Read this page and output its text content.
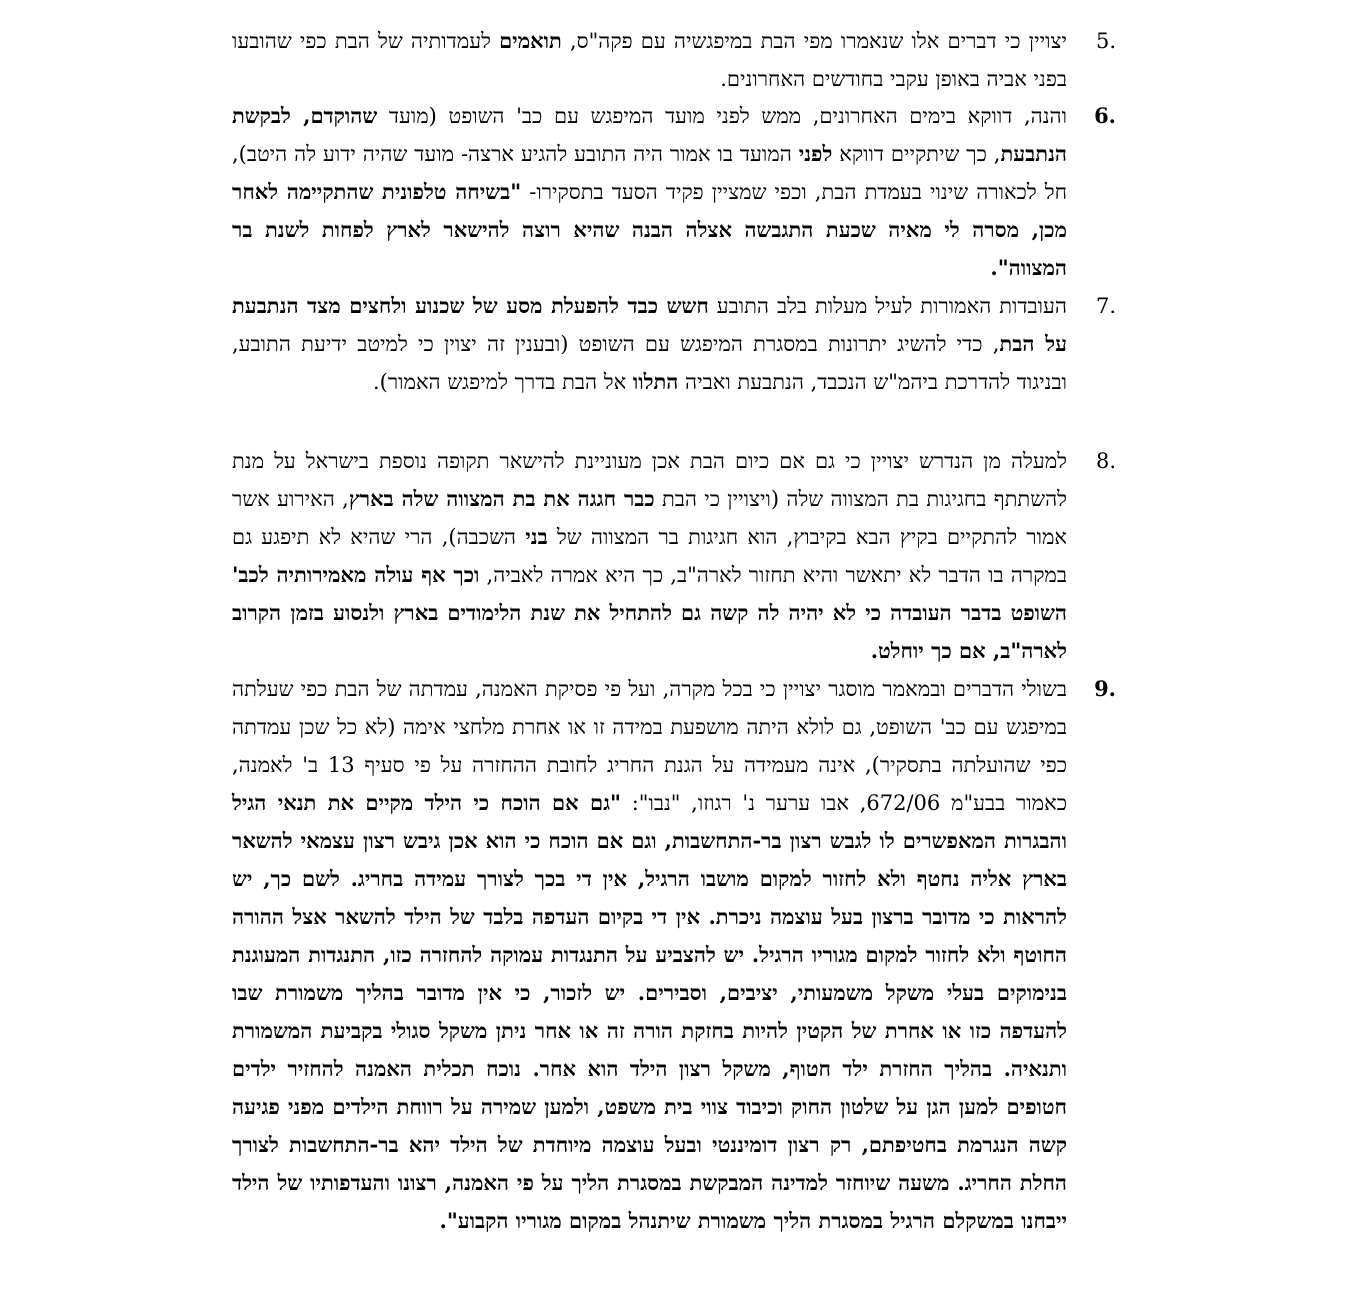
5.
יצויין כי דברים אלו שנאמרו מפי הבת במיפגשיה עם פקה"ס, תואמים לעמדותיה של הבת כפי שהובעו בפני אביה באופן עקבי בחודשים האחרונים.
6.
והנה, דווקא בימים האחרונים, ממש לפני מועד המיפגש עם כב' השופט (מועד שהוקדם, לבקשת הנתבעת, כך שיתקיים דווקא לפני המועד בו אמור היה התובע להגיע ארצה- מועד שהיה ידוע לה היטב), חל לכאורה שינוי בעמדת הבת, וכפי שמציין פקיד הסעד בתסקירו- "בשיחה טלפונית שהתקיימה לאחר מכן, מסרה לי מאיה שכעת התגבשה אצלה הבנה שהיא רוצה להישאר לארץ לפחות לשנת בר המצווה".
7.
העובדות האמורות לעיל מעלות בלב התובע חשש כבד להפעלת מסע של שכנוע ולחצים מצד הנתבעת על הבת, כדי להשיג יתרונות במסגרת המיפגש עם השופט (ובענין זה יצוין כי למיטב ידיעת התובע, ובניגוד להדרכת ביהמ"ש הנכבד, הנתבעת ואביה התלוו אל הבת בדרך למיפגש האמור).
8.
למעלה מן הנדרש יצויין כי גם אם כיום הבת אכן מעוניינת להישאר תקופה נוספת בישראל על מנת להשתתף בחגיגות בת המצווה שלה (ויצויין כי הבת כבר חגגה את בת המצווה שלה בארץ, האירוע אשר אמור להתקיים בקיץ הבא בקיבוץ, הוא חגיגות בר המצווה של בני השכבה), הרי שהיא לא תיפגע גם במקרה בו הדבר לא יתאשר והיא תחזור לארה"ב, כך היא אמרה לאביה, וכך אף עולה מאמירותיה לכב' השופט בדבר העובדה כי לא יהיה לה קשה גם להתחיל את שנת הלימודים בארץ ולנסוע בזמן הקרוב לארה"ב, אם כך יוחלט.
9.
בשולי הדברים ובמאמר מוסגר יצויין כי בכל מקרה, ועל פי פסיקת האמנה, עמדתה של הבת כפי שעלתה במיפגש עם כב' השופט, גם לולא היתה מושפעת במידה זו או אחרת מלחצי אימה (לא כל שכן עמדתה כפי שהועלתה בתסקיר), אינה מעמידה על הגנת החריג לחובת ההחזרה על פי סעיף 13 ב' לאמנה, כאמור בבע"מ 672/06, אבו ערער נ' רגוזו, "נבו": "גם אם הוכח כי הילד מקיים את תנאי הגיל והבגרות המאפשרים לו לגבש רצון בר-התחשבות, וגם אם הוכח כי הוא אכן גיבש רצון עצמאי להשאר בארץ אליה נחטף ולא לחזור למקום מושבו הרגיל, אין די בכך לצורך עמידה בחריג. לשם כך, יש להראות כי מדובר ברצון בעל עוצמה ניכרת. אין די בקיום העדפה בלבד של הילד להשאר אצל ההורה החוטף ולא לחזור למקום מגוריו הרגיל. יש להצביע על התנגדות עמוקה להחזרה כזו, התנגדות המעוגנת בנימוקים בעלי משקל משמעותי, יציבים, וסבירים. יש לזכור, כי אין מדובר בהליך משמורת שבו להעדפה כזו או אחרת של הקטין להיות בחזקת הורה זה או אחר ניתן משקל סגולי בקביעת המשמורת ותנאיה. בהליך החזרת ילד חטוף, משקל רצון הילד הוא אחר. נוכח תכלית האמנה להחזיר ילדים חטופים למען הגן על שלטון החוק וכיבוד צווי בית משפט, ולמען שמירה על רווחת הילדים מפני פגיעה קשה הנגרמת בחטיפתם, רק רצון דומיננטי ובעל עוצמה מיוחדת של הילד יהא בר-התחשבות לצורך החלת החריג. משעה שיוחזר למדינה המבקשת במסגרת הליך על פי האמנה, רצונו והעדפותיו של הילד ייבחנו במשקלם הרגיל במסגרת הליך משמורת שיתנהל במקום מגוריו הקבוע".
